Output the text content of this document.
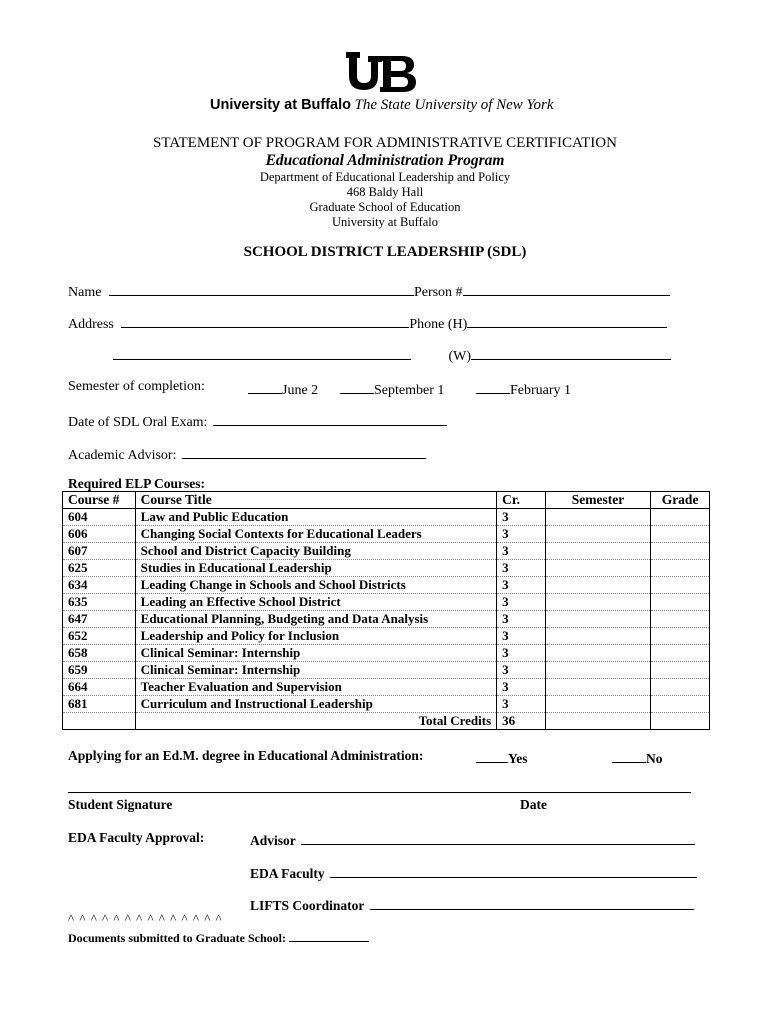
University at Buffalo The State University of New York
STATEMENT OF PROGRAM FOR ADMINISTRATIVE CERTIFICATION
Educational Administration Program
Department of Educational Leadership and Policy
468 Baldy Hall
Graduate School of Education
University at Buffalo
SCHOOL DISTRICT LEADERSHIP (SDL)
Name	Person #
Address	Phone (H)
(W)
Semester of completion:	June 2	September 1	February 1
Date of SDL Oral Exam:
Academic Advisor:
Required ELP Courses:
Course #	Course Title	Cr.	Semester	Grade
604	Law and Public Education	3		
606	Changing Social Contexts for Educational Leaders	3		
607	School and District Capacity Building	3		
625	Studies in Educational Leadership	3		
634	Leading Change in Schools and School Districts	3		
635	Leading an Effective School District	3		
647	Educational Planning, Budgeting and Data Analysis	3		
652	Leadership and Policy for Inclusion	3		
658	Clinical Seminar: Internship	3		
659	Clinical Seminar: Internship	3		
664	Teacher Evaluation and Supervision	3		
681	Curriculum and Instructional Leadership	3		
	Total Credits	36		
Applying for an Ed.M. degree in Educational Administration:	Yes	No
Student Signature	Date
EDA Faculty Approval:	Advisor
EDA Faculty
LIFTS Coordinator
^ ^ ^ ^ ^ ^ ^ ^ ^ ^ ^ ^ ^ ^
Documents submitted to Graduate School:
